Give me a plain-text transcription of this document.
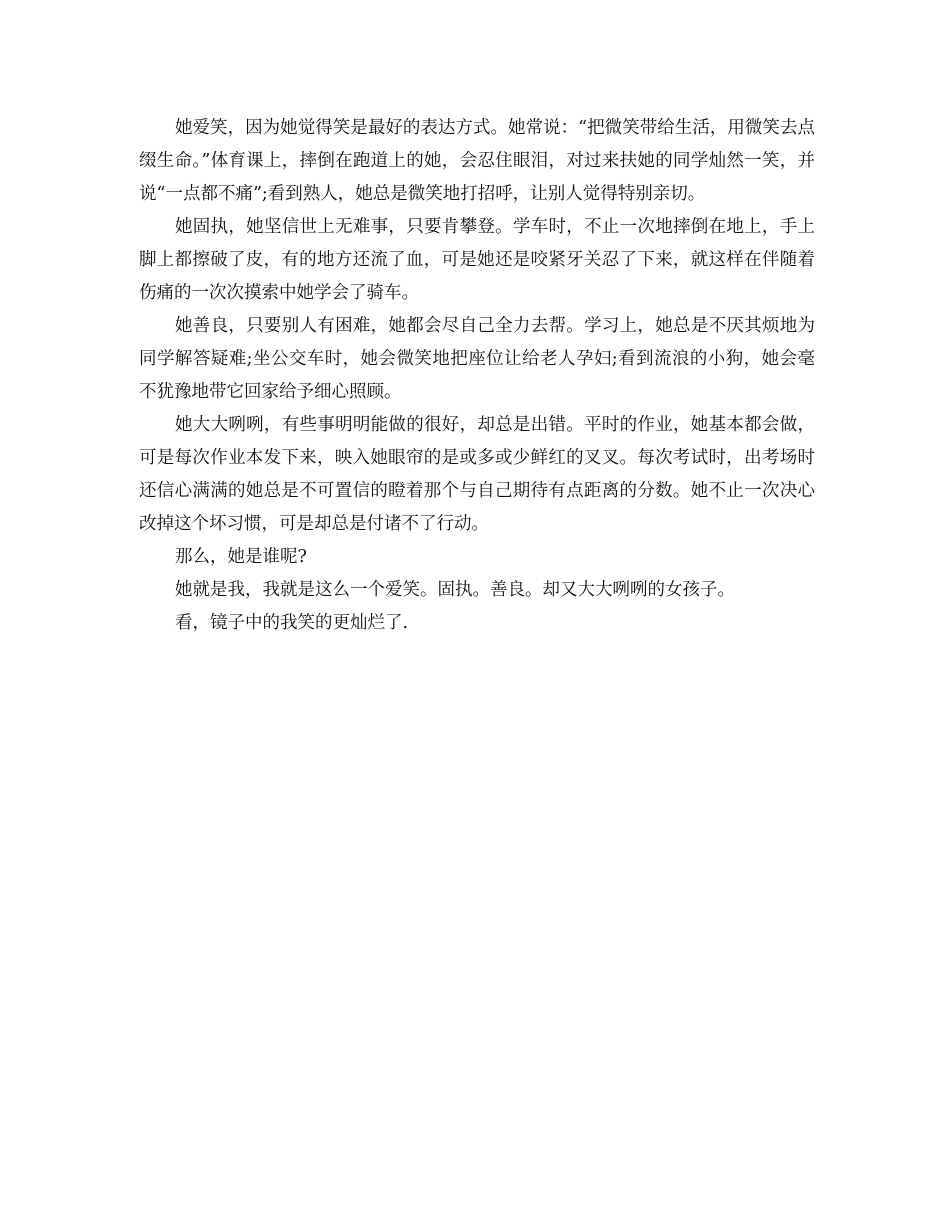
她爱笑，因为她觉得笑是最好的表达方式。她常说：“把微笑带给生活，用微笑去点缀生命。”体育课上，摔倒在跑道上的她，会忍住眼泪，对过来扶她的同学灿然一笑，并说“一点都不痛”;看到熟人，她总是微笑地打招呼，让别人觉得特别亲切。

她固执，她坚信世上无难事，只要肯攀登。学车时，不止一次地摔倒在地上，手上脚上都擦破了皮，有的地方还流了血，可是她还是咬紧牙关忍了下来，就这样在伴随着伤痛的一次次摸索中她学会了骑车。

她善良，只要别人有困难，她都会尽自己全力去帮。学习上，她总是不厌其烦地为同学解答疑难;坐公交车时，她会微笑地把座位让给老人孕妇;看到流浪的小狗，她会毫不犹豫地带它回家给予细心照顾。

她大大咧咧，有些事明明能做的很好，却总是出错。平时的作业，她基本都会做，可是每次作业本发下来，映入她眼帘的是或多或少鲜红的叉叉。每次考试时，出考场时还信心满满的她总是不可置信的瞪着那个与自己期待有点距离的分数。她不止一次决心改掉这个坏习惯，可是却总是付诸不了行动。

那么，她是谁呢?

她就是我，我就是这么一个爱笑。固执。善良。却又大大咧咧的女孩子。

看，镜子中的我笑的更灿烂了.
